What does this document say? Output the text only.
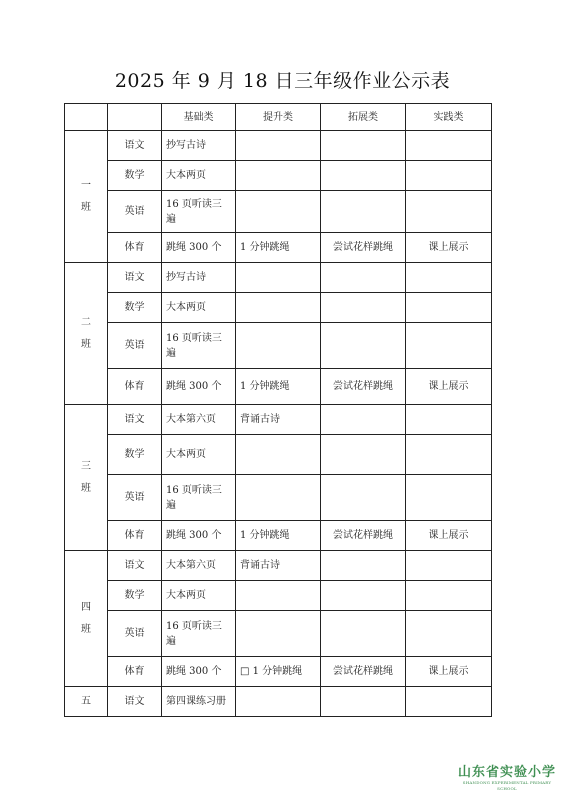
2025 年 9 月 18 日三年级作业公示表
		基础类	提升类	拓展类	实践类
一
班	语文	抄写古诗			
	数学	大本两页			
	英语	16 页听读三遍			
	体育	跳绳 300 个	1 分钟跳绳	尝试花样跳绳	课上展示
二
班	语文	抄写古诗			
	数学	大本两页			
	英语	16 页听读三遍			
	体育	跳绳 300 个	1 分钟跳绳	尝试花样跳绳	课上展示
三
班	语文	大本第六页	背诵古诗		
	数学	大本两页			
	英语	16 页听读三遍			
	体育	跳绳 300 个	1 分钟跳绳	尝试花样跳绳	课上展示
四
班	语文	大本第六页	背诵古诗		
	数学	大本两页			
	英语	16 页听读三遍			
	体育	跳绳 300 个	□ 1 分钟跳绳	尝试花样跳绳	课上展示
五	语文	第四课练习册			
山东省实验小学
SHANDONG EXPERIMENTAL PRIMARY SCHOOL
